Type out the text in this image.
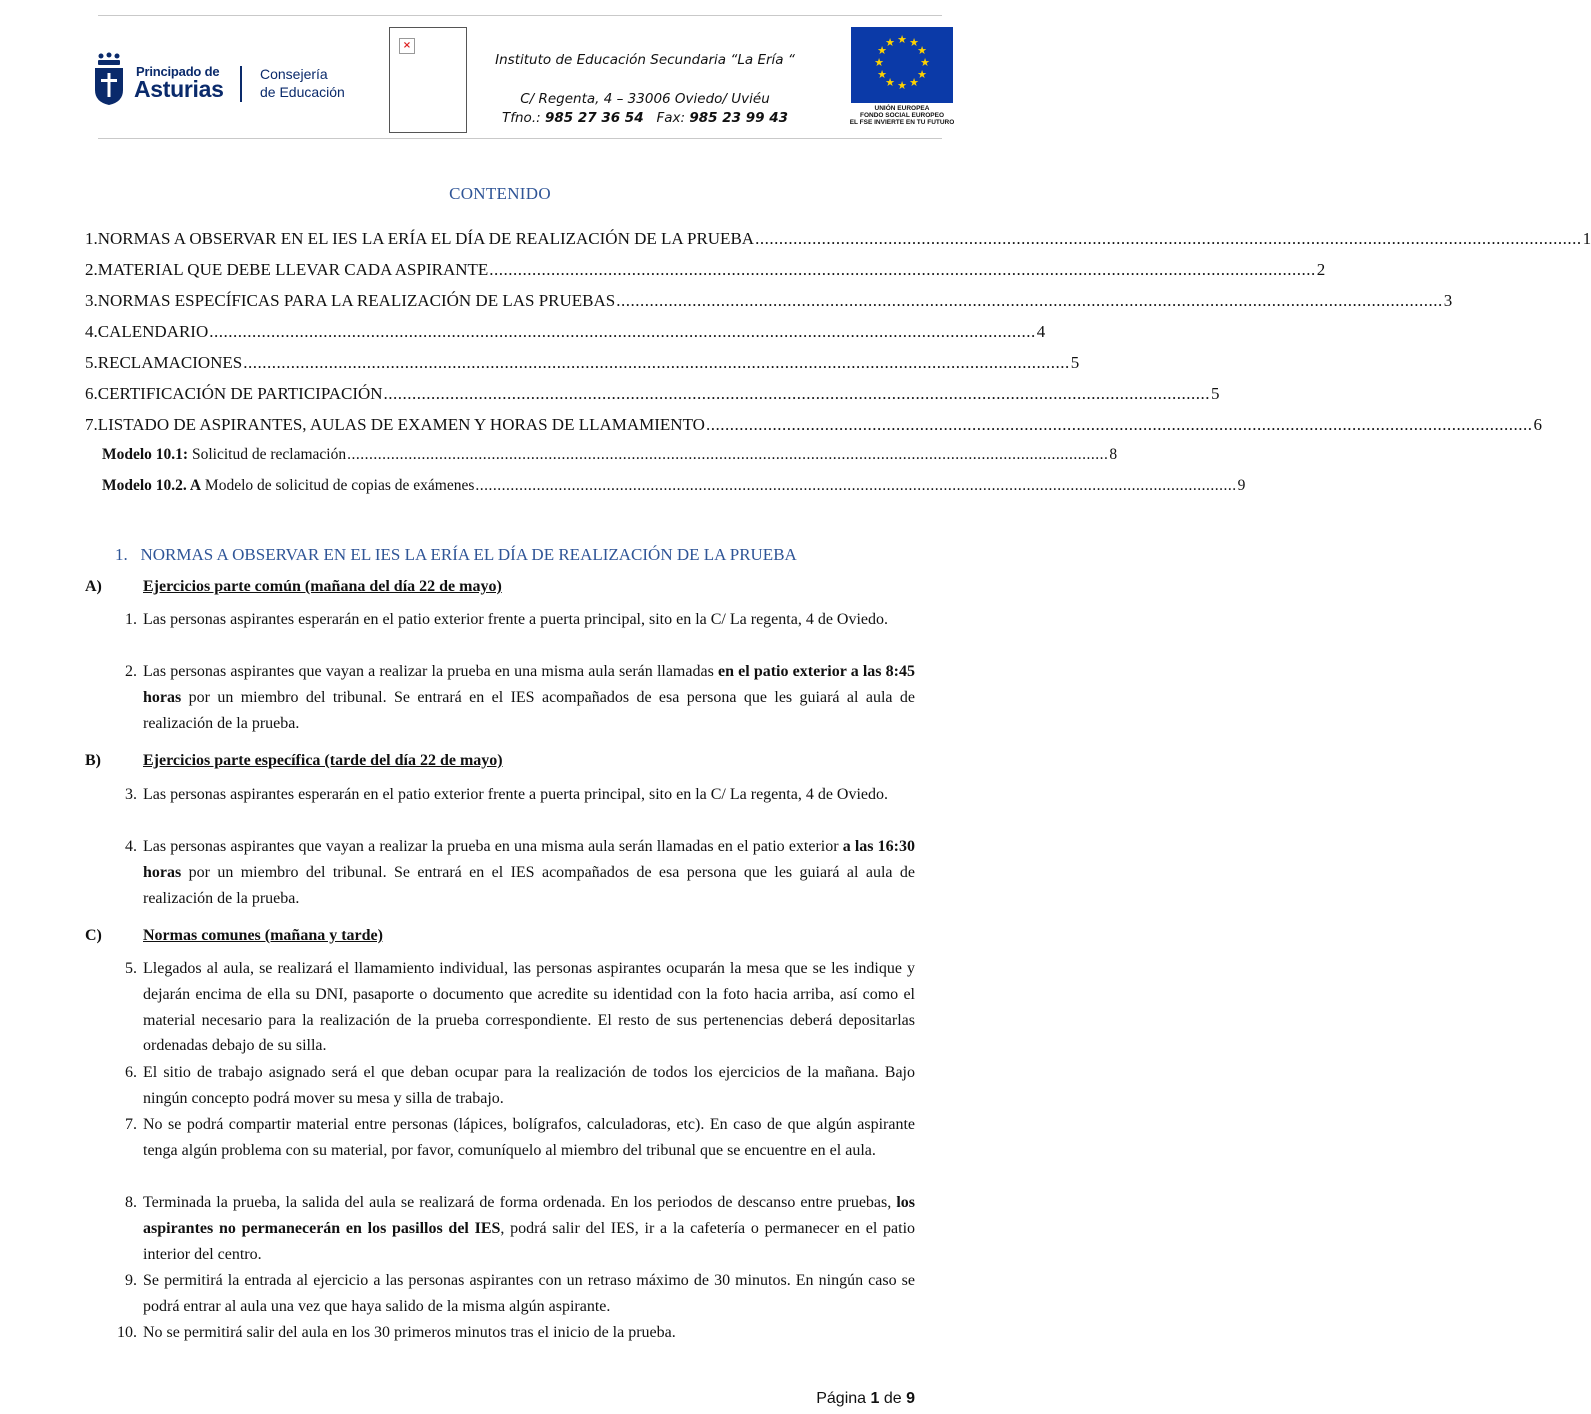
Principado de
Asturias
Consejería
de Educación
×
Instituto de Educación Secundaria “La Ería “
C/ Regenta, 4 – 33006 Oviedo/ Uviéu
Tfno.: 985 27 36 54 Fax: 985 23 99 43
★ ★
★
★
★
★
★
★
★
★
★
★
UNIÓN EUROPEA
FONDO SOCIAL EUROPEO
EL FSE INVIERTE EN TU FUTURO
CONTENIDO
1. NORMAS A OBSERVAR EN EL IES LA ERÍA EL DÍA DE REALIZACIÓN DE LA PRUEBA .............................................................................................................................................................................. 1
2. MATERIAL QUE DEBE LLEVAR CADA ASPIRANTE .............................................................................................................................................................................. 2
3. NORMAS ESPECÍFICAS PARA LA REALIZACIÓN DE LAS PRUEBAS .............................................................................................................................................................................. 3
4. CALENDARIO .............................................................................................................................................................................. 4
5. RECLAMACIONES .............................................................................................................................................................................. 5
6. CERTIFICACIÓN DE PARTICIPACIÓN .............................................................................................................................................................................. 5
7. LISTADO DE ASPIRANTES, AULAS DE EXAMEN Y HORAS DE LLAMAMIENTO .............................................................................................................................................................................. 6
Modelo 10.1: Solicitud de reclamación .............................................................................................................................................................................. 8
Modelo 10.2. A Modelo de solicitud de copias de exámenes .............................................................................................................................................................................. 9
1.   NORMAS A OBSERVAR EN EL IES LA ERÍA EL DÍA DE REALIZACIÓN DE LA PRUEBA
A)	Ejercicios parte común (mañana del día 22 de mayo)
1. Las personas aspirantes esperarán en el patio exterior frente a puerta principal, sito en la C/ La regenta, 4 de Oviedo.
2. Las personas aspirantes que vayan a realizar la prueba en una misma aula serán llamadas en el patio exterior a las 8:45 horas por un miembro del tribunal. Se entrará en el IES acompañados de esa persona que les guiará al aula de realización de la prueba.
B)	Ejercicios parte específica (tarde del día 22 de mayo)
3. Las personas aspirantes esperarán en el patio exterior frente a puerta principal, sito en la C/ La regenta, 4 de Oviedo.
4. Las personas aspirantes que vayan a realizar la prueba en una misma aula serán llamadas en el patio exterior a las 16:30 horas por un miembro del tribunal. Se entrará en el IES acompañados de esa persona que les guiará al aula de realización de la prueba.
C)	Normas comunes (mañana y tarde)
5. Llegados al aula, se realizará el llamamiento individual, las personas aspirantes ocuparán la mesa que se les indique y dejarán encima de ella su DNI, pasaporte o documento que acredite su identidad con la foto hacia arriba, así como el material necesario para la realización de la prueba correspondiente. El resto de sus pertenencias deberá depositarlas ordenadas debajo de su silla.
6. El sitio de trabajo asignado será el que deban ocupar para la realización de todos los ejercicios de la mañana. Bajo ningún concepto podrá mover su mesa y silla de trabajo.
7. No se podrá compartir material entre personas (lápices, bolígrafos, calculadoras, etc). En caso de que algún aspirante tenga algún problema con su material, por favor, comuníquelo al miembro del tribunal que se encuentre en el aula.
8. Terminada la prueba, la salida del aula se realizará de forma ordenada. En los periodos de descanso entre pruebas, los aspirantes no permanecerán en los pasillos del IES, podrá salir del IES, ir a la cafetería o permanecer en el patio interior del centro.
9. Se permitirá la entrada al ejercicio a las personas aspirantes con un retraso máximo de 30 minutos. En ningún caso se podrá entrar al aula una vez que haya salido de la misma algún aspirante.
10. No se permitirá salir del aula en los 30 primeros minutos tras el inicio de la prueba.
Página 1 de 9
